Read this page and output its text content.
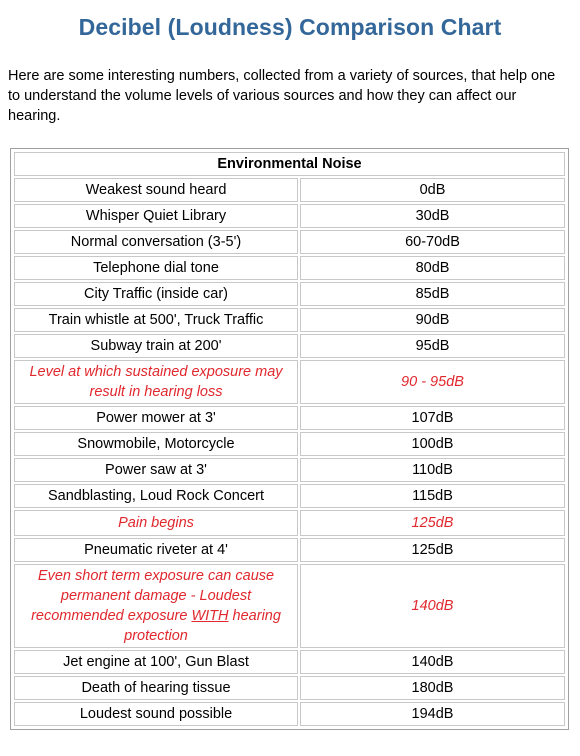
Decibel (Loudness) Comparison Chart

Here are some interesting numbers, collected from a variety of sources, that help one to understand the volume levels of various sources and how they can affect our hearing.

Environmental Noise	
Weakest sound heard	0dB
Whisper Quiet Library	30dB
Normal conversation (3-5')	60-70dB
Telephone dial tone	80dB
City Traffic (inside car)	85dB
Train whistle at 500', Truck Traffic	90dB
Subway train at 200'	95dB
Level at which sustained exposure may result in hearing loss	90 - 95dB
Power mower at 3'	107dB
Snowmobile, Motorcycle	100dB
Power saw at 3'	110dB
Sandblasting, Loud Rock Concert	115dB
Pain begins	125dB
Pneumatic riveter at 4'	125dB
Even short term exposure can cause permanent damage - Loudest recommended exposure WITH hearing protection	140dB
Jet engine at 100', Gun Blast	140dB
Death of hearing tissue	180dB
Loudest sound possible	194dB
